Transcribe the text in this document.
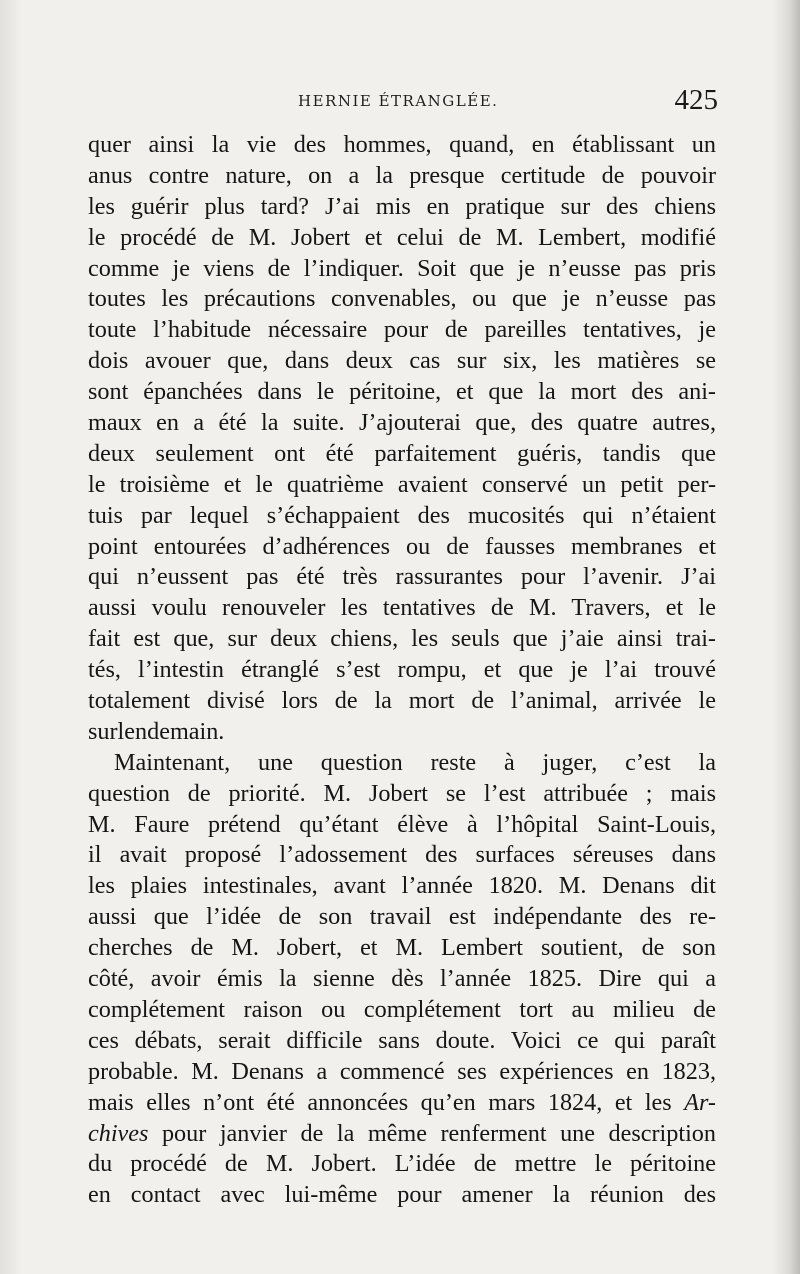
HERNIE ÉTRANGLÉE.	425
quer ainsi la vie des hommes, quand, en établissant un
anus contre nature, on a la presque certitude de pouvoir
les guérir plus tard? J’ai mis en pratique sur des chiens
le procédé de M. Jobert et celui de M. Lembert, modifié
comme je viens de l’indiquer. Soit que je n’eusse pas pris
toutes les précautions convenables, ou que je n’eusse pas
toute l’habitude nécessaire pour de pareilles tentatives, je
dois avouer que, dans deux cas sur six, les matières se
sont épanchées dans le péritoine, et que la mort des ani-
maux en a été la suite. J’ajouterai que, des quatre autres,
deux seulement ont été parfaitement guéris, tandis que
le troisième et le quatrième avaient conservé un petit per-
tuis par lequel s’échappaient des mucosités qui n’étaient
point entourées d’adhérences ou de fausses membranes et
qui n’eussent pas été très rassurantes pour l’avenir. J’ai
aussi voulu renouveler les tentatives de M. Travers, et le
fait est que, sur deux chiens, les seuls que j’aie ainsi trai-
tés, l’intestin étranglé s’est rompu, et que je l’ai trouvé
totalement divisé lors de la mort de l’animal, arrivée le
surlendemain.
Maintenant, une question reste à juger, c’est la
question de priorité. M. Jobert se l’est attribuée ; mais
M. Faure prétend qu’étant élève à l’hôpital Saint-Louis,
il avait proposé l’adossement des surfaces séreuses dans
les plaies intestinales, avant l’année 1820. M. Denans dit
aussi que l’idée de son travail est indépendante des re-
cherches de M. Jobert, et M. Lembert soutient, de son
côté, avoir émis la sienne dès l’année 1825. Dire qui a
complétement raison ou complétement tort au milieu de
ces débats, serait difficile sans doute. Voici ce qui paraît
probable. M. Denans a commencé ses expériences en 1823,
mais elles n’ont été annoncées qu’en mars 1824, et les Ar-
chives pour janvier de la même renferment une description
du procédé de M. Jobert. L’idée de mettre le péritoine
en contact avec lui-même pour amener la réunion des
